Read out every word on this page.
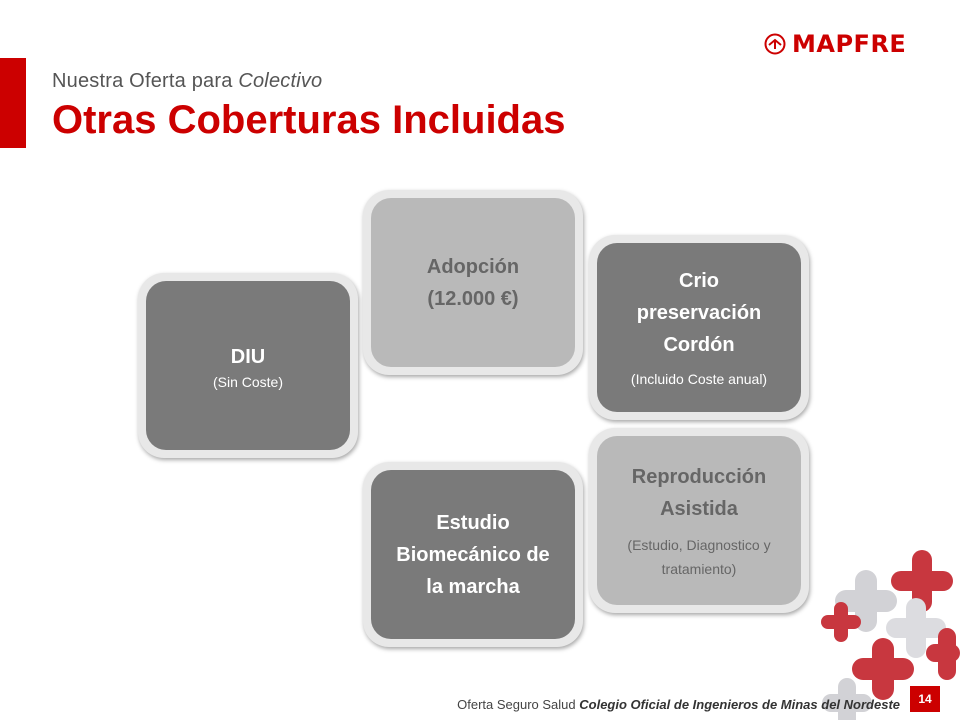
Nuestra Oferta para Colectivo
Otras Coberturas Incluidas
MAPFRE
DIU
(Sin Coste)
Adopción
(12.000 €)
Crio
preservación
Cordón
(Incluido Coste anual)
Reproducción
Asistida
(Estudio, Diagnostico y
tratamiento)
Estudio
Biomecánico de
la marcha
Oferta Seguro Salud Colegio Oficial de Ingenieros de Minas del Nordeste	14
